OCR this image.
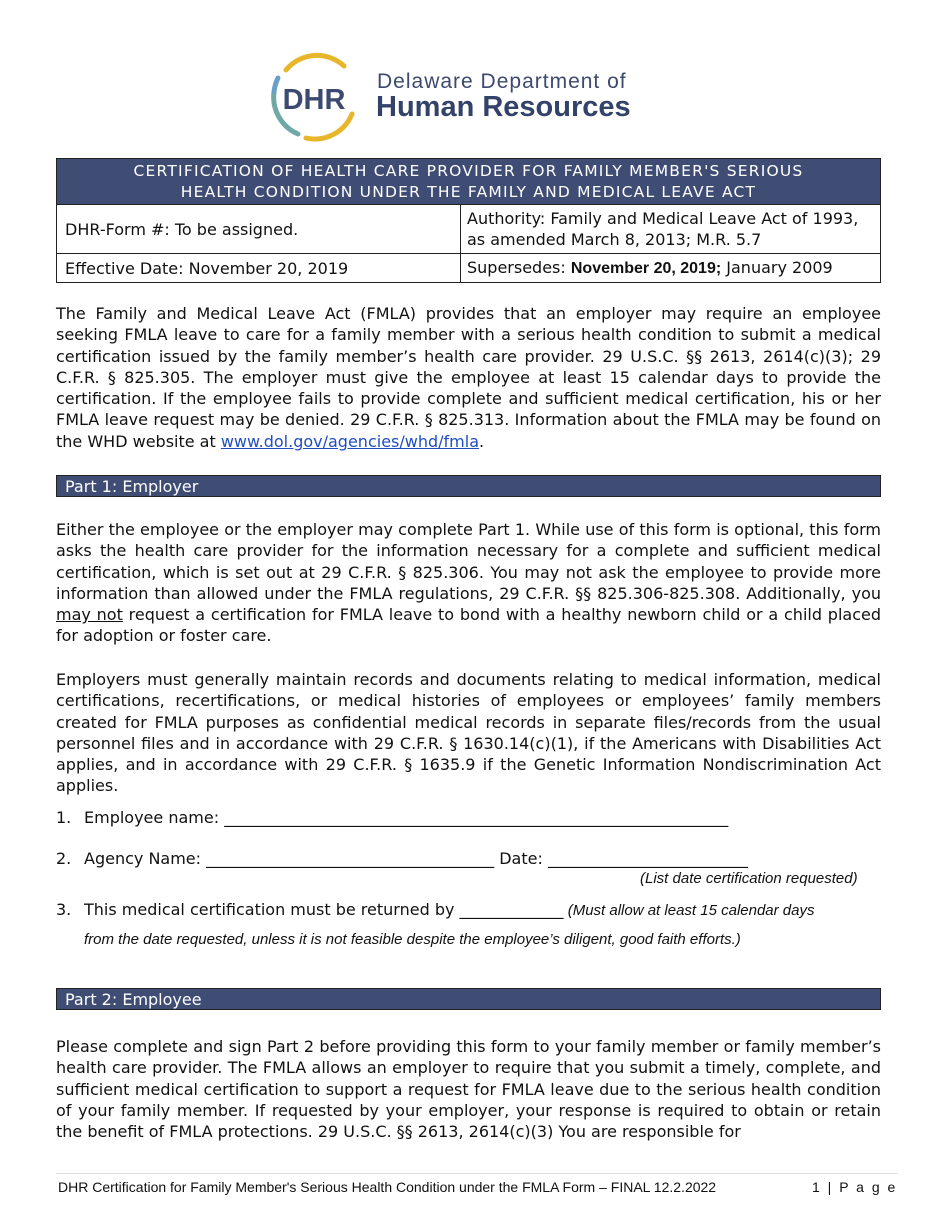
DHR
Delaware Department of
Human Resources
CERTIFICATION OF HEALTH CARE PROVIDER FOR FAMILY MEMBER'S SERIOUS
HEALTH CONDITION UNDER THE FAMILY AND MEDICAL LEAVE ACT
DHR-Form #: To be assigned.
Authority: Family and Medical Leave Act of 1993, as amended March 8, 2013; M.R. 5.7
Effective Date: November 20, 2019	Supersedes: November 20, 2019; January 2009
The Family and Medical Leave Act (FMLA) provides that an employer may require an employee seeking FMLA leave to care for a family member with a serious health condition to submit a medical certification issued by the family member’s health care provider. 29 U.S.C. §§ 2613, 2614(c)(3); 29 C.F.R. § 825.305. The employer must give the employee at least 15 calendar days to provide the certification. If the employee fails to provide complete and sufficient medical certification, his or her FMLA leave request may be denied. 29 C.F.R. § 825.313. Information about the FMLA may be found on the WHD website at www.dol.gov/agencies/whd/fmla.
Part 1: Employer
Either the employee or the employer may complete Part 1. While use of this form is optional, this form asks the health care provider for the information necessary for a complete and sufficient medical certification, which is set out at 29 C.F.R. § 825.306. You may not ask the employee to provide more information than allowed under the FMLA regulations, 29 C.F.R. §§ 825.306-825.308. Additionally, you may not request a certification for FMLA leave to bond with a healthy newborn child or a child placed for adoption or foster care.
Employers must generally maintain records and documents relating to medical information, medical certifications, recertifications, or medical histories of employees or employees’ family members created for FMLA purposes as confidential medical records in separate files/records from the usual personnel files and in accordance with 29 C.F.R. § 1630.14(c)(1), if the Americans with Disabilities Act applies, and in accordance with 29 C.F.R. § 1635.9 if the Genetic Information Nondiscrimination Act applies.
1. Employee name: _______________________________________________________________
2. Agency Name: ____________________________________ Date: _________________________
(List date certification requested)
3. This medical certification must be returned by _____________ (Must allow at least 15 calendar days
from the date requested, unless it is not feasible despite the employee’s diligent, good faith efforts.)
Part 2: Employee
Please complete and sign Part 2 before providing this form to your family member or family member’s health care provider. The FMLA allows an employer to require that you submit a timely, complete, and sufficient medical certification to support a request for FMLA leave due to the serious health condition of your family member. If requested by your employer, your response is required to obtain or retain the benefit of FMLA protections. 29 U.S.C. §§ 2613, 2614(c)(3) You are responsible for
DHR Certification for Family Member's Serious Health Condition under the FMLA Form – FINAL 12.2.2022	1 | P a g e
